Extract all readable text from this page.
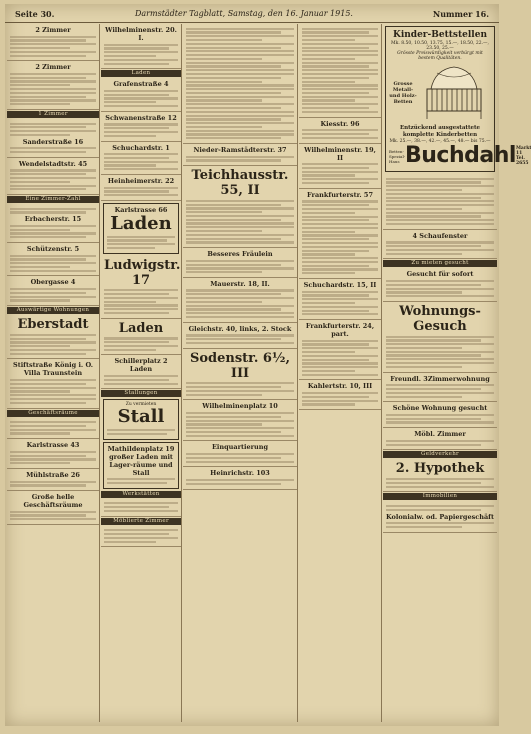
Seite 30.	Darmstädter Tagblatt, Samstag, den 16. Januar 1915.	Nummer 16.
2 Zimmer
2 Zimmer
1 Zimmer
Sanderstraße 16
Wendelstadtstr. 45
Eine Zimmer-Zahl
Erbacherstr. 15
Schützenstr. 5
Obergasse 4
Auswärtige Wohnungen
Eberstadt
Stiftstraße König i. O.
Villa Traunstein
Geschäftsräume
Karlstrasse 43
Mühlstraße 26
Große helle Geschäftsräume
Wilhelminenstr. 20. I.
Laden
Grafenstraße 4
Schwanenstraße 12
Schuchardstr. 1
Heinheimerstr. 22
Karlstrasse 66
Laden
Ludwigstr. 17
Laden
Schillerplatz 2 Laden
Stallungen
Zu vermieten
Stall
Mathildenplatz 19
großer Laden mit Lager-räume und Stall
Werkstätten
Möblierte Zimmer
Nieder-Ramstädterstr. 37
Teichhausstr. 55, II
Besseres Fräulein
Mauerstr. 18, II.
Gleichstr. 40, links, 2. Stock
Sodenstr. 6½, III
Wilhelminenplatz 10
Einquartierung
Heinrichstr. 103
Kiesstr. 96
Wilhelminenstr. 19, II
Frankfurterstr. 57
Schuchardstr. 15, II
Frankfurterstr. 24, part.
Kahlertstr. 10, III
Kinder-Bettstellen
Mk. 8.50, 10.50, 13.75, 15.—, 18.50, 22.—, 23.50, 25.—
Grösste Preiswürdigkeit verbürgt mit bestem Qualitäten.
Grosse Metall- und Holz-Betten
Entzückend ausgestattete komplette Kinderbetten
Mk. 25.—, 38.—, 42.—, 45.—, 48.— bis 75.—
Betten-Spezial-Haus Buchdahl Markt 11 Tel. 2655
4 Schaufenster
Zu mieten gesucht
Gesucht für sofort
Wohnungs-Gesuch
Freundl. 3Zimmerwohnung
Schöne Wohnung gesucht
Möbl. Zimmer
Geldverkehr
2. Hypothek
Immobilien
Kolonialw. od. Papiergeschäft
